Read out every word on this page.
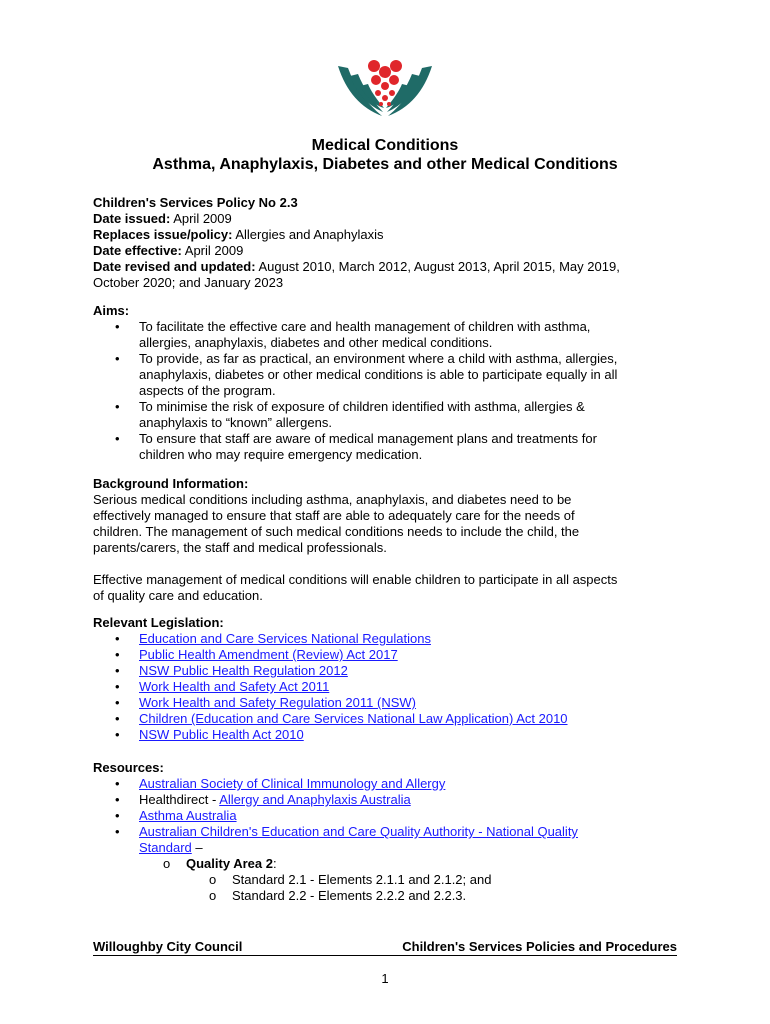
Medical Conditions
Asthma, Anaphylaxis, Diabetes and other Medical Conditions
Children's Services Policy No 2.3
Date issued: April 2009
Replaces issue/policy: Allergies and Anaphylaxis
Date effective: April 2009
Date revised and updated: August 2010, March 2012, August 2013, April 2015, May 2019,
October 2020; and January 2023
Aims:
• To facilitate the effective care and health management of children with asthma,
allergies, anaphylaxis, diabetes and other medical conditions.
• To provide, as far as practical, an environment where a child with asthma, allergies,
anaphylaxis, diabetes or other medical conditions is able to participate equally in all
aspects of the program.
• To minimise the risk of exposure of children identified with asthma, allergies &
anaphylaxis to “known” allergens.
• To ensure that staff are aware of medical management plans and treatments for
children who may require emergency medication.
Background Information:
Serious medical conditions including asthma, anaphylaxis, and diabetes need to be
effectively managed to ensure that staff are able to adequately care for the needs of
children. The management of such medical conditions needs to include the child, the
parents/carers, the staff and medical professionals.
Effective management of medical conditions will enable children to participate in all aspects
of quality care and education.
Relevant Legislation:
• Education and Care Services National Regulations
• Public Health Amendment (Review) Act 2017
• NSW Public Health Regulation 2012
• Work Health and Safety Act 2011
• Work Health and Safety Regulation 2011 (NSW)
• Children (Education and Care Services National Law Application) Act 2010
• NSW Public Health Act 2010
Resources:
• Australian Society of Clinical Immunology and Allergy
• Healthdirect - Allergy and Anaphylaxis Australia
• Asthma Australia
• Australian Children's Education and Care Quality Authority - National Quality
Standard –
o Quality Area 2:
o Standard 2.1 - Elements 2.1.1 and 2.1.2; and
o Standard 2.2 - Elements 2.2.2 and 2.2.3.
Willoughby City Council	Children's Services Policies and Procedures
1
